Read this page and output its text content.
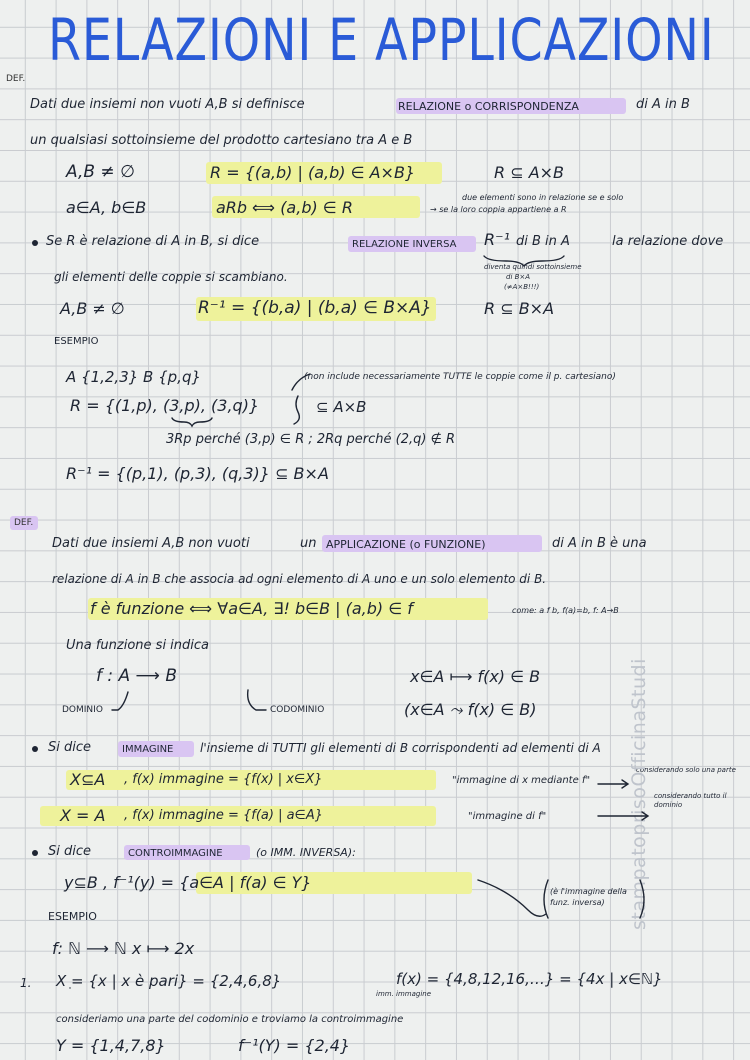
RELAZIONI E APPLICAZIONI
DEF.
Dati due insiemi non vuoti A,B si definisce	RELAZIONE o CORRISPONDENZA	di A in B
un qualsiasi sottoinsieme del prodotto cartesiano tra A e B
A,B ≠ ∅	R = {(a,b) | (a,b) ∈ A×B}	R ⊆ A×B
a∈A, b∈B	aRb ⟺ (a,b) ∈ R
due elementi sono in relazione se e solo
→ se la loro coppia appartiene a R
Se R è relazione di A in B, si dice	RELAZIONE INVERSA R⁻¹ di B in A	la relazione dove
diventa quindi sottoinsieme
di B×A
(≠A×B!!!)
gli elementi delle coppie si scambiano.
A,B ≠ ∅	R⁻¹ = {(b,a) | (b,a) ∈ B×A}	R ⊆ B×A
ESEMPIO
A {1,2,3} B {p,q}	(non include necessariamente TUTTE le coppie come il p. cartesiano)
R = {(1,p), (3,p), (3,q)}	⊆ A×B
3Rp perché (3,p) ∈ R ; 2Rq perché (2,q) ∉ R
R⁻¹ = {(p,1), (p,3), (q,3)} ⊆ B×A
DEF.
Dati due insiemi A,B non vuoti	un APPLICAZIONE (o FUNZIONE)	di A in B è una
relazione di A in B che associa ad ogni elemento di A uno e un solo elemento di B.
f è funzione ⟺ ∀a∈A, ∃! b∈B | (a,b) ∈ f	come: a f b, f(a)=b, f: A→B
Una funzione si indica
f : A ⟶ B	x∈A ⟼ f(x) ∈ B
DOMINIO	CODOMINIO	(x∈A ⤳ f(x) ∈ B)
Si dice	IMMAGINE l'insieme di TUTTI gli elementi di B corrispondenti ad elementi di A
X⊆A , f(x) immagine = {f(x) | x∈X}	"immagine di x mediante f"
X = A , f(x) immagine = {f(a) | a∈A}	"immagine di f"
considerando solo una parte
considerando tutto il dominio
Si dice	CONTROIMMAGINE	(o IMM. INVERSA):
y⊆B , f⁻¹(y) = {a∈A | f(a) ∈ Y}	(è l'immagine della funz. inversa)
ESEMPIO
f: ℕ ⟶ ℕ x ⟼ 2x
1. X = {x | x è pari} = {2,4,6,8}	f(x) = {4,8,12,16,…} = {4x | x∈ℕ}
imm. immagine
consideriamo una parte del codominio e troviamo la controimmagine
Y = {1,4,7,8}	f⁻¹(Y) = {2,4}
stampatoprisoOfficinaStudi
